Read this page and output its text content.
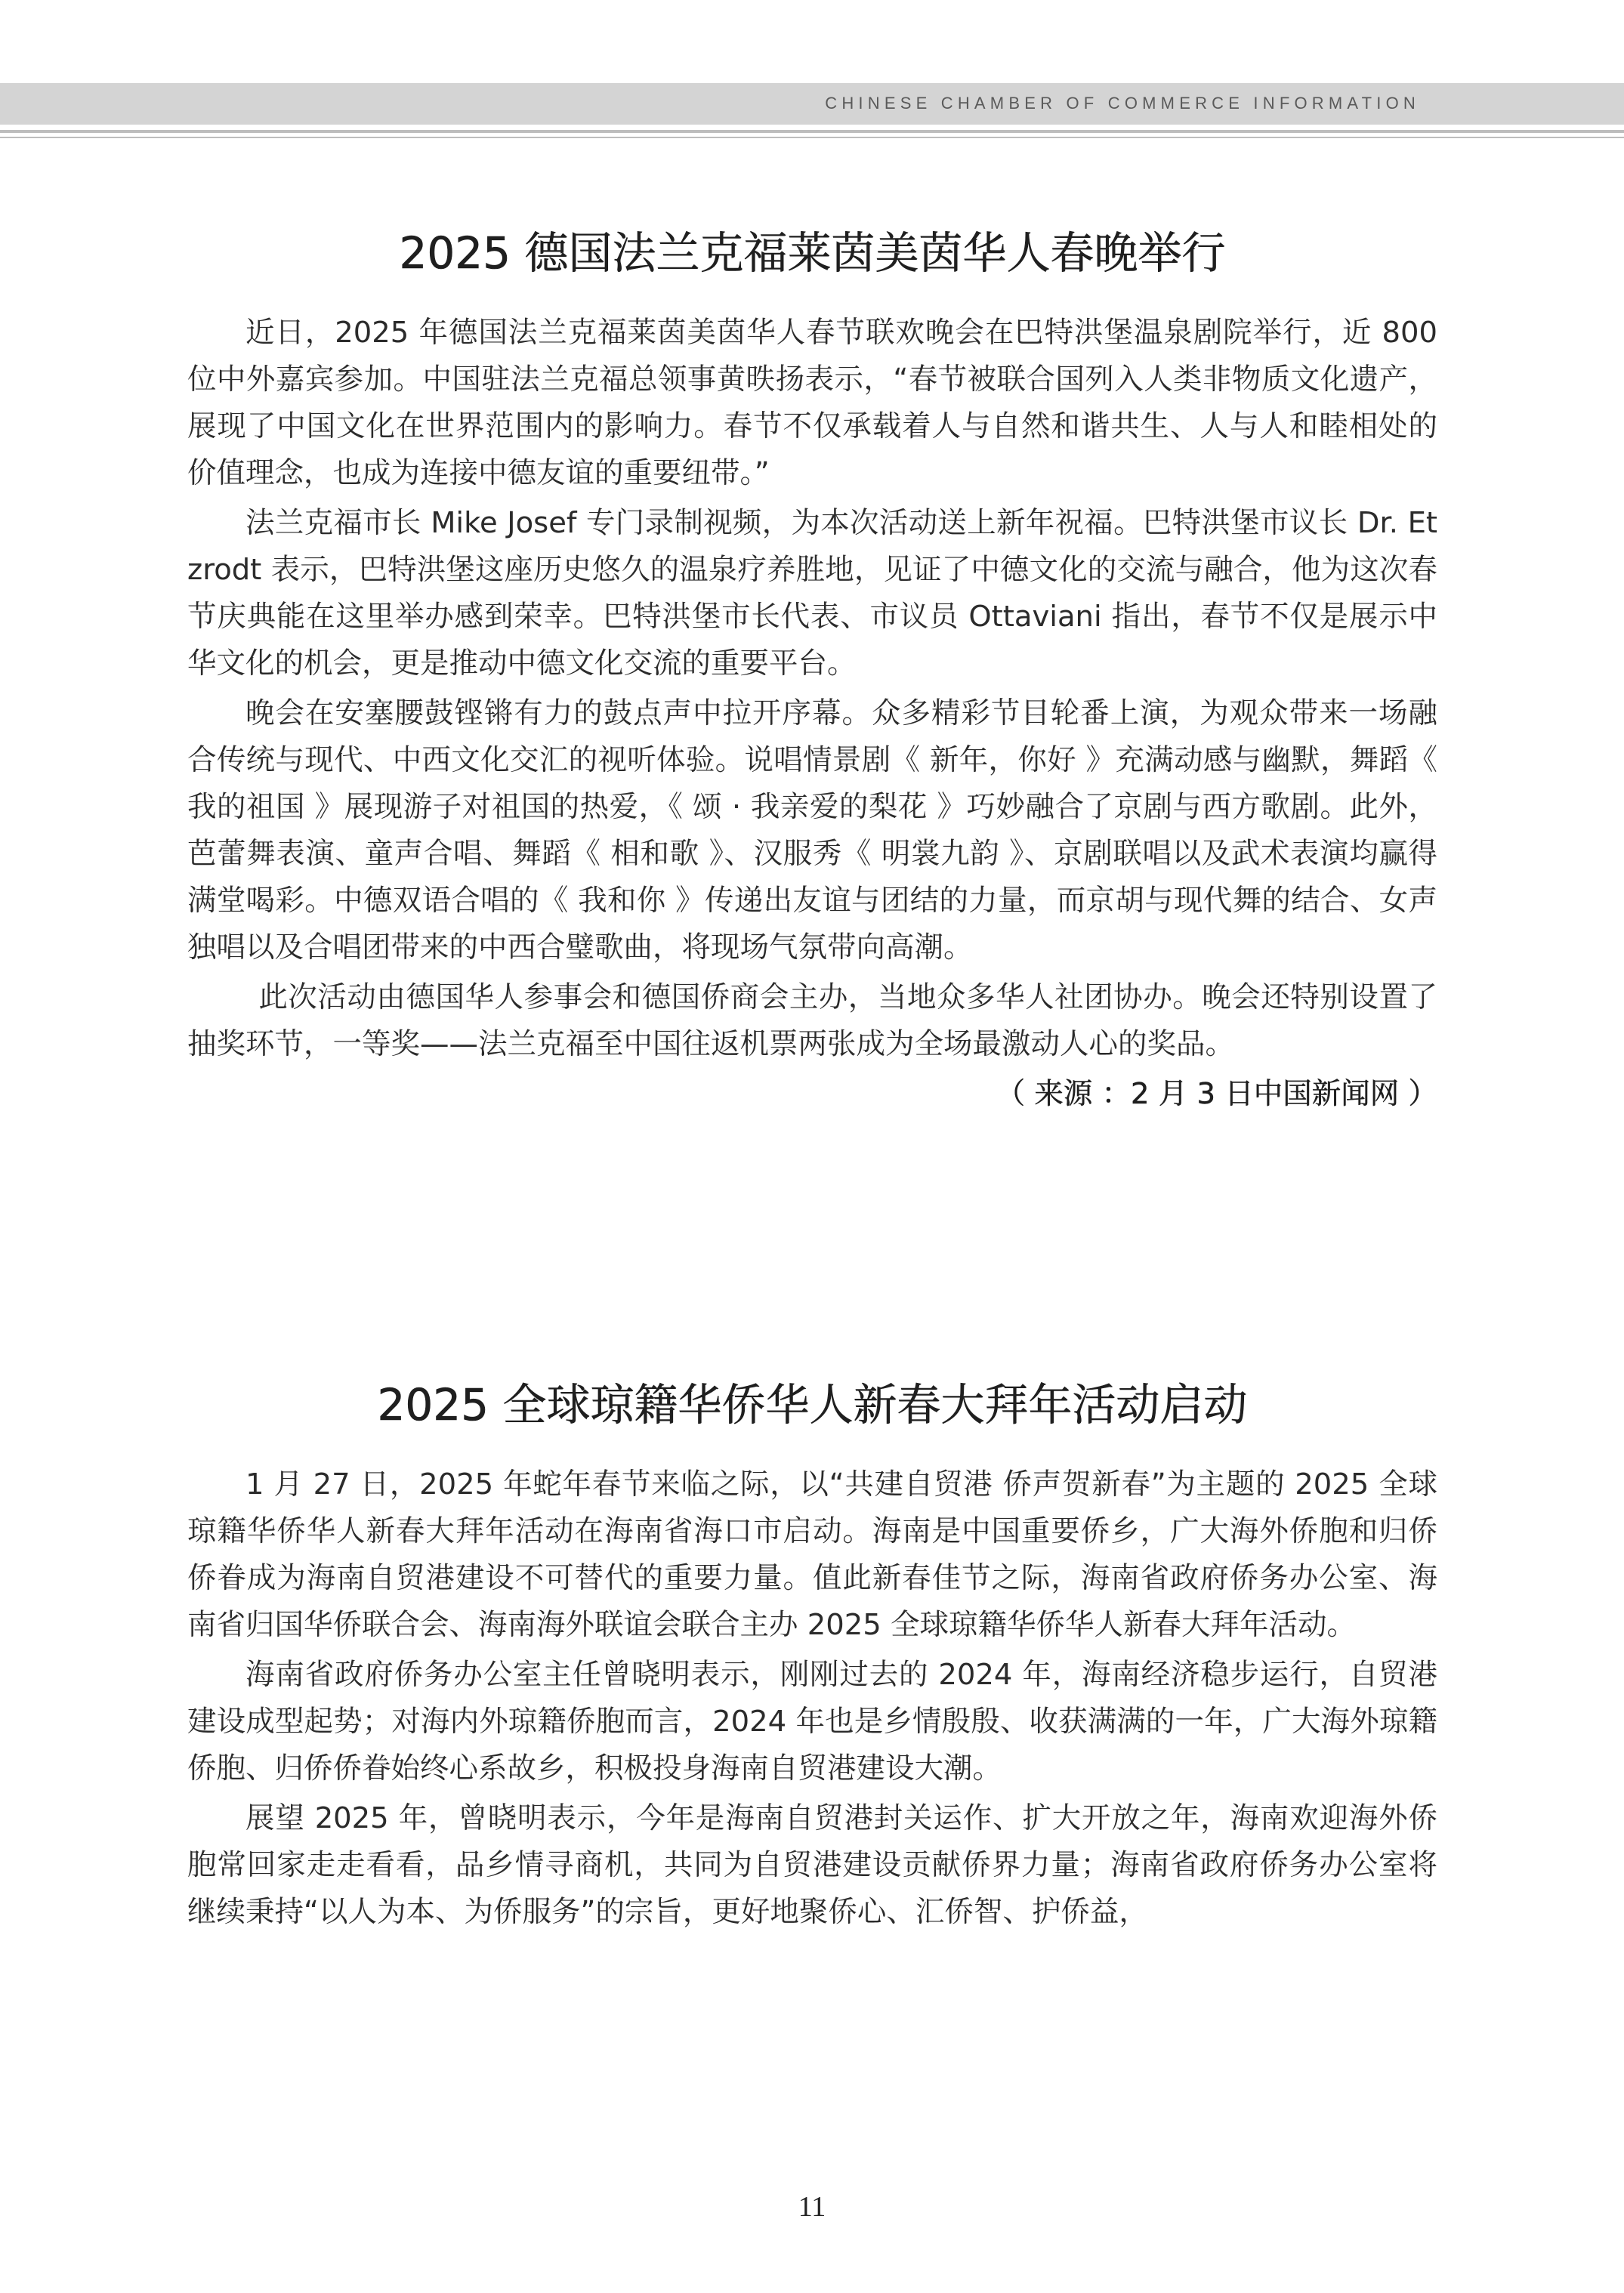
CHINESE CHAMBER OF COMMERCE INFORMATION
2025 德国法兰克福莱茵美茵华人春晚举行

近日，2025 年德国法兰克福莱茵美茵华人春节联欢晚会在巴特洪堡温泉剧院举行，近 800 位中外嘉宾参加。中国驻法兰克福总领事黄昳扬表示，“春节被联合国列入人类非物质文化遗产，展现了中国文化在世界范围内的影响力。春节不仅承载着人与自然和谐共生、人与人和睦相处的价值理念，也成为连接中德友谊的重要纽带。”

法兰克福市长 Mike Josef 专门录制视频，为本次活动送上新年祝福。巴特洪堡市议长 Dr. Etzrodt 表示，巴特洪堡这座历史悠久的温泉疗养胜地，见证了中德文化的交流与融合，他为这次春节庆典能在这里举办感到荣幸。巴特洪堡市长代表、市议员 Ottaviani 指出，春节不仅是展示中华文化的机会，更是推动中德文化交流的重要平台。

晚会在安塞腰鼓铿锵有力的鼓点声中拉开序幕。众多精彩节目轮番上演，为观众带来一场融合传统与现代、中西文化交汇的视听体验。说唱情景剧《 新年，你好 》充满动感与幽默，舞蹈《 我的祖国 》展现游子对祖国的热爱，《 颂 · 我亲爱的梨花 》巧妙融合了京剧与西方歌剧。此外，芭蕾舞表演、童声合唱、舞蹈《 相和歌 》、汉服秀《 明裳九韵 》、京剧联唱以及武术表演均赢得满堂喝彩。中德双语合唱的《 我和你 》传递出友谊与团结的力量，而京胡与现代舞的结合、女声独唱以及合唱团带来的中西合璧歌曲，将现场气氛带向高潮。

此次活动由德国华人参事会和德国侨商会主办，当地众多华人社团协办。晚会还特别设置了抽奖环节，一等奖——法兰克福至中国往返机票两张成为全场最激动人心的奖品。

（ 来源 ：2 月 3 日中国新闻网 ）

2025 全球琼籍华侨华人新春大拜年活动启动

1 月 27 日，2025 年蛇年春节来临之际，以“共建自贸港 侨声贺新春”为主题的 2025 全球琼籍华侨华人新春大拜年活动在海南省海口市启动。海南是中国重要侨乡，广大海外侨胞和归侨侨眷成为海南自贸港建设不可替代的重要力量。值此新春佳节之际，海南省政府侨务办公室、海南省归国华侨联合会、海南海外联谊会联合主办 2025 全球琼籍华侨华人新春大拜年活动。

海南省政府侨务办公室主任曾晓明表示，刚刚过去的 2024 年，海南经济稳步运行，自贸港建设成型起势；对海内外琼籍侨胞而言，2024 年也是乡情殷殷、收获满满的一年，广大海外琼籍侨胞、归侨侨眷始终心系故乡，积极投身海南自贸港建设大潮。

展望 2025 年，曾晓明表示，今年是海南自贸港封关运作、扩大开放之年，海南欢迎海外侨胞常回家走走看看，品乡情寻商机，共同为自贸港建设贡献侨界力量；海南省政府侨务办公室将继续秉持“以人为本、为侨服务”的宗旨，更好地聚侨心、汇侨智、护侨益，

11
